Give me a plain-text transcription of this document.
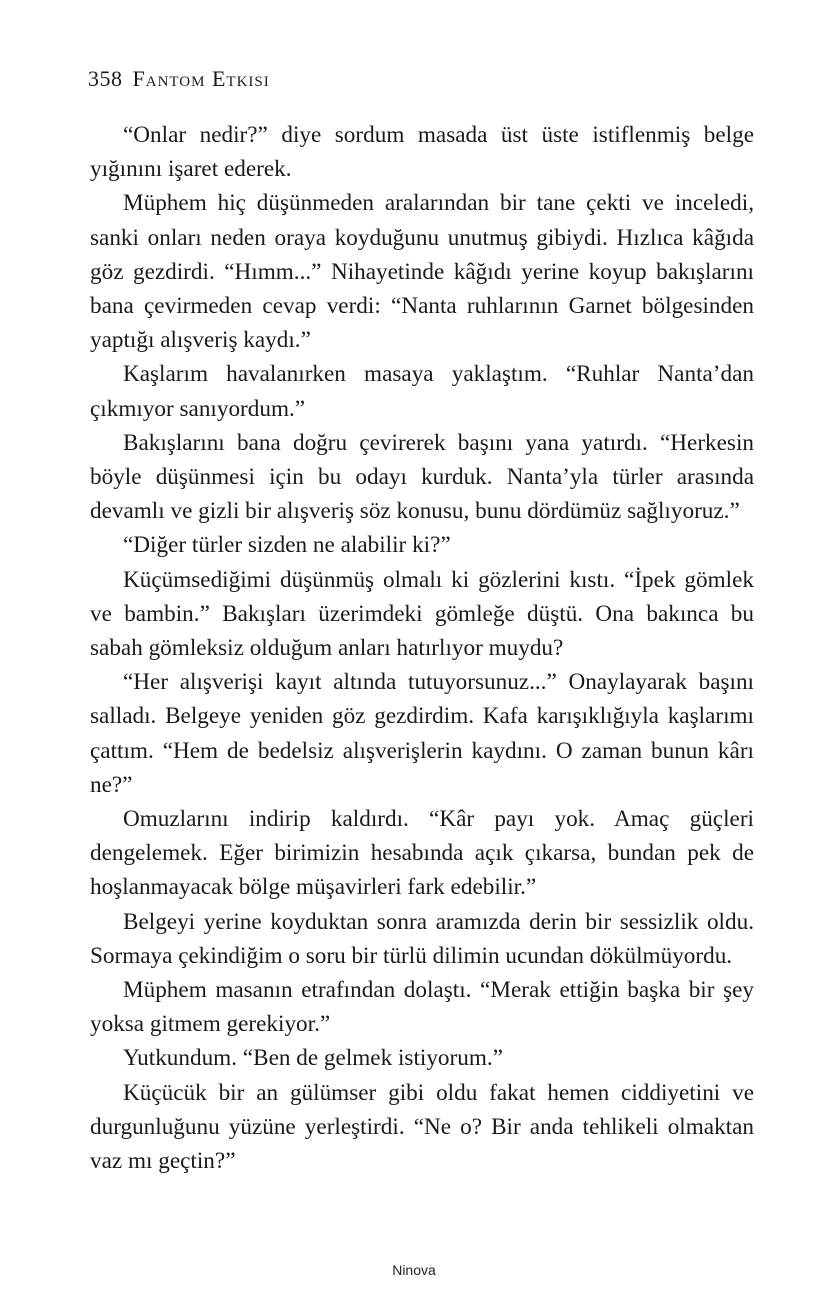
358 Fantom Etkisi

“Onlar nedir?” diye sordum masada üst üste istiflenmiş belge yığınını işaret ederek.

Müphem hiç düşünmeden aralarından bir tane çekti ve inceledi, sanki onları neden oraya koyduğunu unutmuş gibiydi. Hızlıca kâğıda göz gezdirdi. “Hımm...” Nihayetinde kâğıdı yerine koyup bakışlarını bana çevirmeden cevap verdi: “Nanta ruhlarının Garnet bölgesinden yaptığı alışveriş kaydı.”

Kaşlarım havalanırken masaya yaklaştım. “Ruhlar Nanta’dan çıkmıyor sanıyordum.”

Bakışlarını bana doğru çevirerek başını yana yatırdı. “Herkesin böyle düşünmesi için bu odayı kurduk. Nanta’yla türler arasında devamlı ve gizli bir alışveriş söz konusu, bunu dördümüz sağlıyoruz.”

“Diğer türler sizden ne alabilir ki?”

Küçümsediğimi düşünmüş olmalı ki gözlerini kıstı. “İpek gömlek ve bambin.” Bakışları üzerimdeki gömleğe düştü. Ona bakınca bu sabah gömleksiz olduğum anları hatırlıyor muydu?

“Her alışverişi kayıt altında tutuyorsunuz...” Onaylayarak başını salladı. Belgeye yeniden göz gezdirdim. Kafa karışıklığıyla kaşlarımı çattım. “Hem de bedelsiz alışverişlerin kaydını. O zaman bunun kârı ne?”

Omuzlarını indirip kaldırdı. “Kâr payı yok. Amaç güçleri dengelemek. Eğer birimizin hesabında açık çıkarsa, bundan pek de hoşlanmayacak bölge müşavirleri fark edebilir.”

Belgeyi yerine koyduktan sonra aramızda derin bir sessizlik oldu. Sormaya çekindiğim o soru bir türlü dilimin ucundan dökülmüyordu.

Müphem masanın etrafından dolaştı. “Merak ettiğin başka bir şey yoksa gitmem gerekiyor.”

Yutkundum. “Ben de gelmek istiyorum.”

Küçücük bir an gülümser gibi oldu fakat hemen ciddiyetini ve durgunluğunu yüzüne yerleştirdi. “Ne o? Bir anda tehlikeli olmaktan vaz mı geçtin?”

Ninova
